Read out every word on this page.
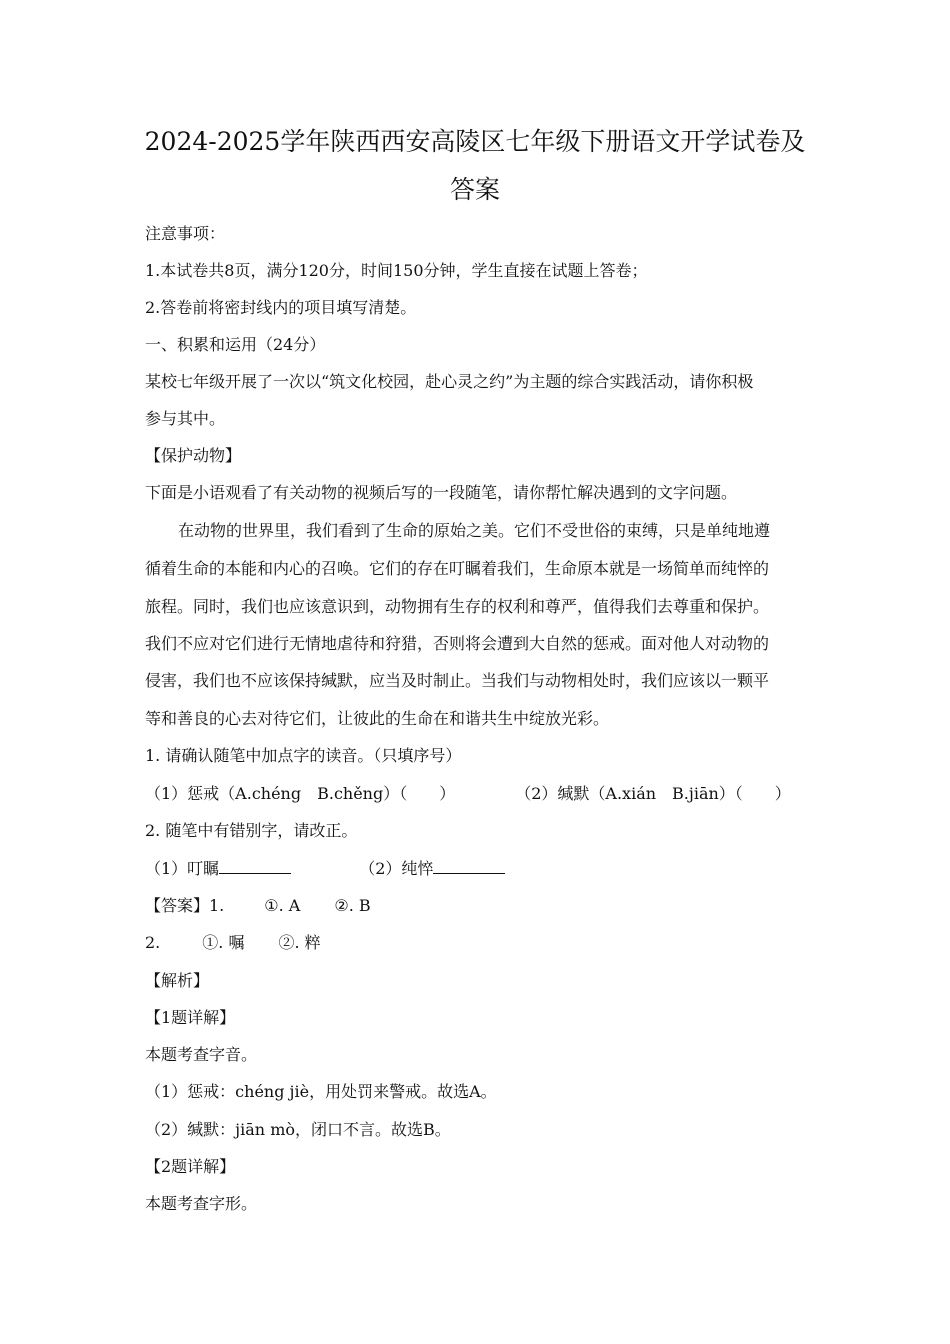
2024-2025学年陕西西安高陵区七年级下册语文开学试卷及
答案
注意事项：
1.本试卷共8页，满分120分，时间150分钟，学生直接在试题上答卷；
2.答卷前将密封线内的项目填写清楚。
一、积累和运用（24分）
某校七年级开展了一次以“筑文化校园，赴心灵之约”为主题的综合实践活动，请你积极
参与其中。
【保护动物】
下面是小语观看了有关动物的视频后写的一段随笔，请你帮忙解决遇到的文字问题。
在动物的世界里，我们看到了生命的原始之美。它们不受世俗的束缚，只是单纯地遵
循着生命的本能和内心的召唤。它们的存在叮瞩着我们，生命原本就是一场简单而纯悴的
旅程。同时，我们也应该意识到，动物拥有生存的权利和尊严，值得我们去尊重和保护。
我们不应对它们进行无情地虐待和狩猎，否则将会遭到大自然的惩戒。面对他人对动物的
侵害，我们也不应该保持缄默，应当及时制止。当我们与动物相处时，我们应该以一颗平
等和善良的心去对待它们，让彼此的生命在和谐共生中绽放光彩。
1. 请确认随笔中加点字的读音。（只填序号）
（1）惩戒（A.chéng　B.chěng）（　　）	（2）缄默（A.xián　B.jiān）（　　）
2. 随笔中有错别字，请改正。
（1）叮瞩	（2）纯悴
【答案】1.	①. A ②. B
2.	①. 嘱 ②. 粹
【解析】
【1题详解】
本题考查字音。
（1）惩戒：chéng jiè，用处罚来警戒。故选A。
（2）缄默：jiān mò，闭口不言。故选B。
【2题详解】
本题考查字形。
